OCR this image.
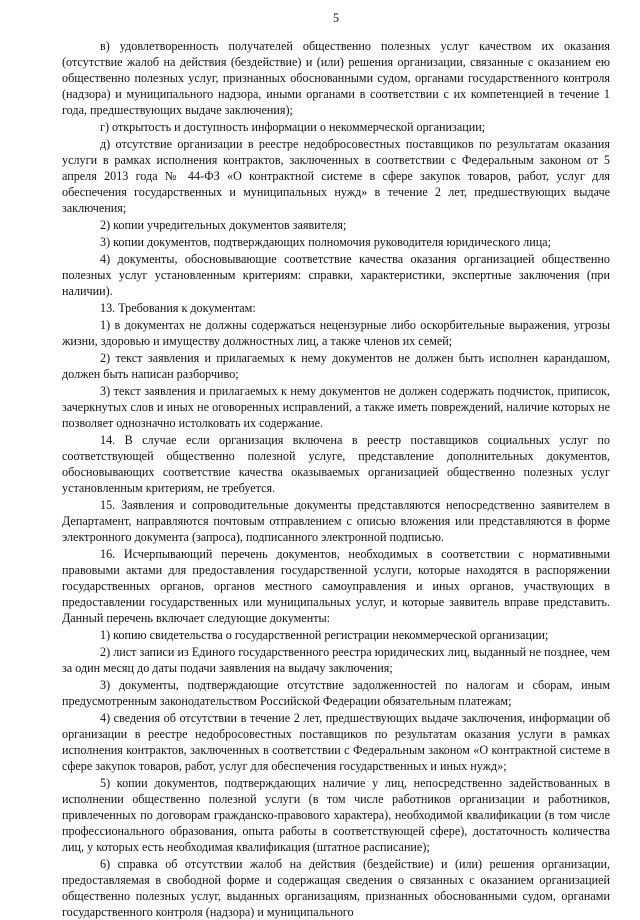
5

в) удовлетворенность получателей общественно полезных услуг качеством их оказания (отсутствие жалоб на действия (бездействие) и (или) решения организации, связанные с оказанием ею общественно полезных услуг, признанных обоснованными судом, органами государственного контроля (надзора) и муниципального надзора, иными органами в соответствии с их компетенцией в течение 1 года, предшествующих выдаче заключения);

г) открытость и доступность информации о некоммерческой организации;

д) отсутствие организации в реестре недобросовестных поставщиков по результатам оказания услуги в рамках исполнения контрактов, заключенных в соответствии с Федеральным законом от 5 апреля 2013 года № 44-ФЗ «О контрактной системе в сфере закупок товаров, работ, услуг для обеспечения государственных и муниципальных нужд» в течение 2 лет, предшествующих выдаче заключения;

2) копии учредительных документов заявителя;

3) копии документов, подтверждающих полномочия руководителя юридического лица;

4) документы, обосновывающие соответствие качества оказания организацией общественно полезных услуг установленным критериям: справки, характеристики, экспертные заключения (при наличии).

13. Требования к документам:

1) в документах не должны содержаться нецензурные либо оскорбительные выражения, угрозы жизни, здоровью и имуществу должностных лиц, а также членов их семей;

2) текст заявления и прилагаемых к нему документов не должен быть исполнен карандашом, должен быть написан разборчиво;

3) текст заявления и прилагаемых к нему документов не должен содержать подчисток, приписок, зачеркнутых слов и иных не оговоренных исправлений, а также иметь повреждений, наличие которых не позволяет однозначно истолковать их содержание.

14. В случае если организация включена в реестр поставщиков социальных услуг по соответствующей общественно полезной услуге, представление дополнительных документов, обосновывающих соответствие качества оказываемых организацией общественно полезных услуг установленным критериям, не требуется.

15. Заявления и сопроводительные документы представляются непосредственно заявителем в Департамент, направляются почтовым отправлением с описью вложения или представляются в форме электронного документа (запроса), подписанного электронной подписью.

16. Исчерпывающий перечень документов, необходимых в соответствии с нормативными правовыми актами для предоставления государственной услуги, которые находятся в распоряжении государственных органов, органов местного самоуправления и иных органов, участвующих в предоставлении государственных или муниципальных услуг, и которые заявитель вправе представить. Данный перечень включает следующие документы:

1) копию свидетельства о государственной регистрации некоммерческой организации;

2) лист записи из Единого государственного реестра юридических лиц, выданный не позднее, чем за один месяц до даты подачи заявления на выдачу заключения;

3) документы, подтверждающие отсутствие задолженностей по налогам и сборам, иным предусмотренным законодательством Российской Федерации обязательным платежам;

4) сведения об отсутствии в течение 2 лет, предшествующих выдаче заключения, информации об организации в реестре недобросовестных поставщиков по результатам оказания услуги в рамках исполнения контрактов, заключенных в соответствии с Федеральным законом «О контрактной системе в сфере закупок товаров, работ, услуг для обеспечения государственных и иных нужд»;

5) копии документов, подтверждающих наличие у лиц, непосредственно задействованных в исполнении общественно полезной услуги (в том числе работников организации и работников, привлеченных по договорам гражданско-правового характера), необходимой квалификации (в том числе профессионального образования, опыта работы в соответствующей сфере), достаточность количества лиц, у которых есть необходимая квалификация (штатное расписание);

6) справка об отсутствии жалоб на действия (бездействие) и (или) решения организации, предоставляемая в свободной форме и содержащая сведения о связанных с оказанием организацией общественно полезных услуг, выданных организациям, признанных обоснованными судом, органами государственного контроля (надзора) и муниципального
